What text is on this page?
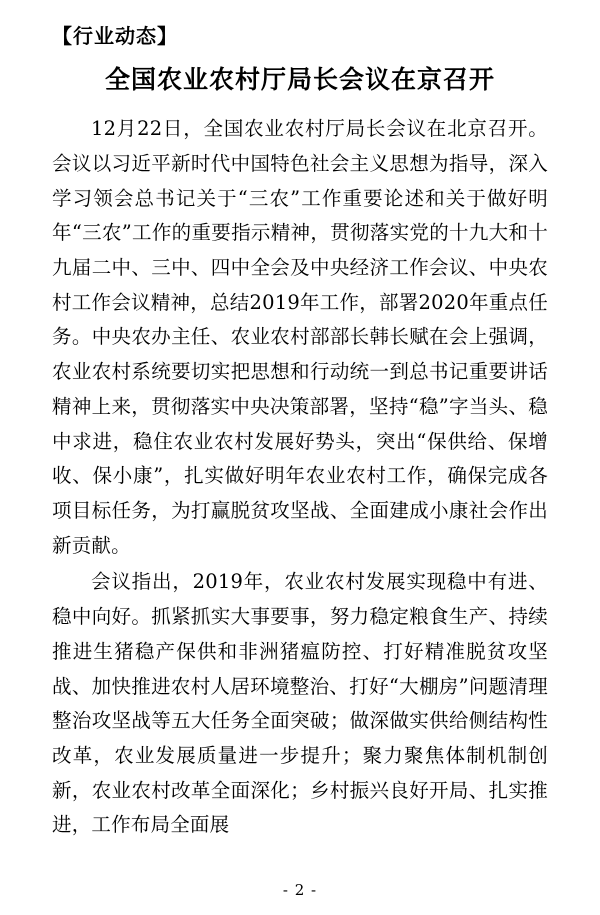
【行业动态】
全国农业农村厅局长会议在京召开

12月22日，全国农业农村厅局长会议在北京召开。会议以习近平新时代中国特色社会主义思想为指导，深入学习领会总书记关于“三农”工作重要论述和关于做好明年“三农”工作的重要指示精神，贯彻落实党的十九大和十九届二中、三中、四中全会及中央经济工作会议、中央农村工作会议精神，总结2019年工作，部署2020年重点任务。中央农办主任、农业农村部部长韩长赋在会上强调，农业农村系统要切实把思想和行动统一到总书记重要讲话精神上来，贯彻落实中央决策部署，坚持“稳”字当头、稳中求进，稳住农业农村发展好势头，突出“保供给、保增收、保小康”，扎实做好明年农业农村工作，确保完成各项目标任务，为打赢脱贫攻坚战、全面建成小康社会作出新贡献。

会议指出，2019年，农业农村发展实现稳中有进、稳中向好。抓紧抓实大事要事，努力稳定粮食生产、持续推进生猪稳产保供和非洲猪瘟防控、打好精准脱贫攻坚战、加快推进农村人居环境整治、打好“大棚房”问题清理整治攻坚战等五大任务全面突破；做深做实供给侧结构性改革，农业发展质量进一步提升；聚力聚焦体制机制创新，农业农村改革全面深化；乡村振兴良好开局、扎实推进，工作布局全面展

- 2 -
